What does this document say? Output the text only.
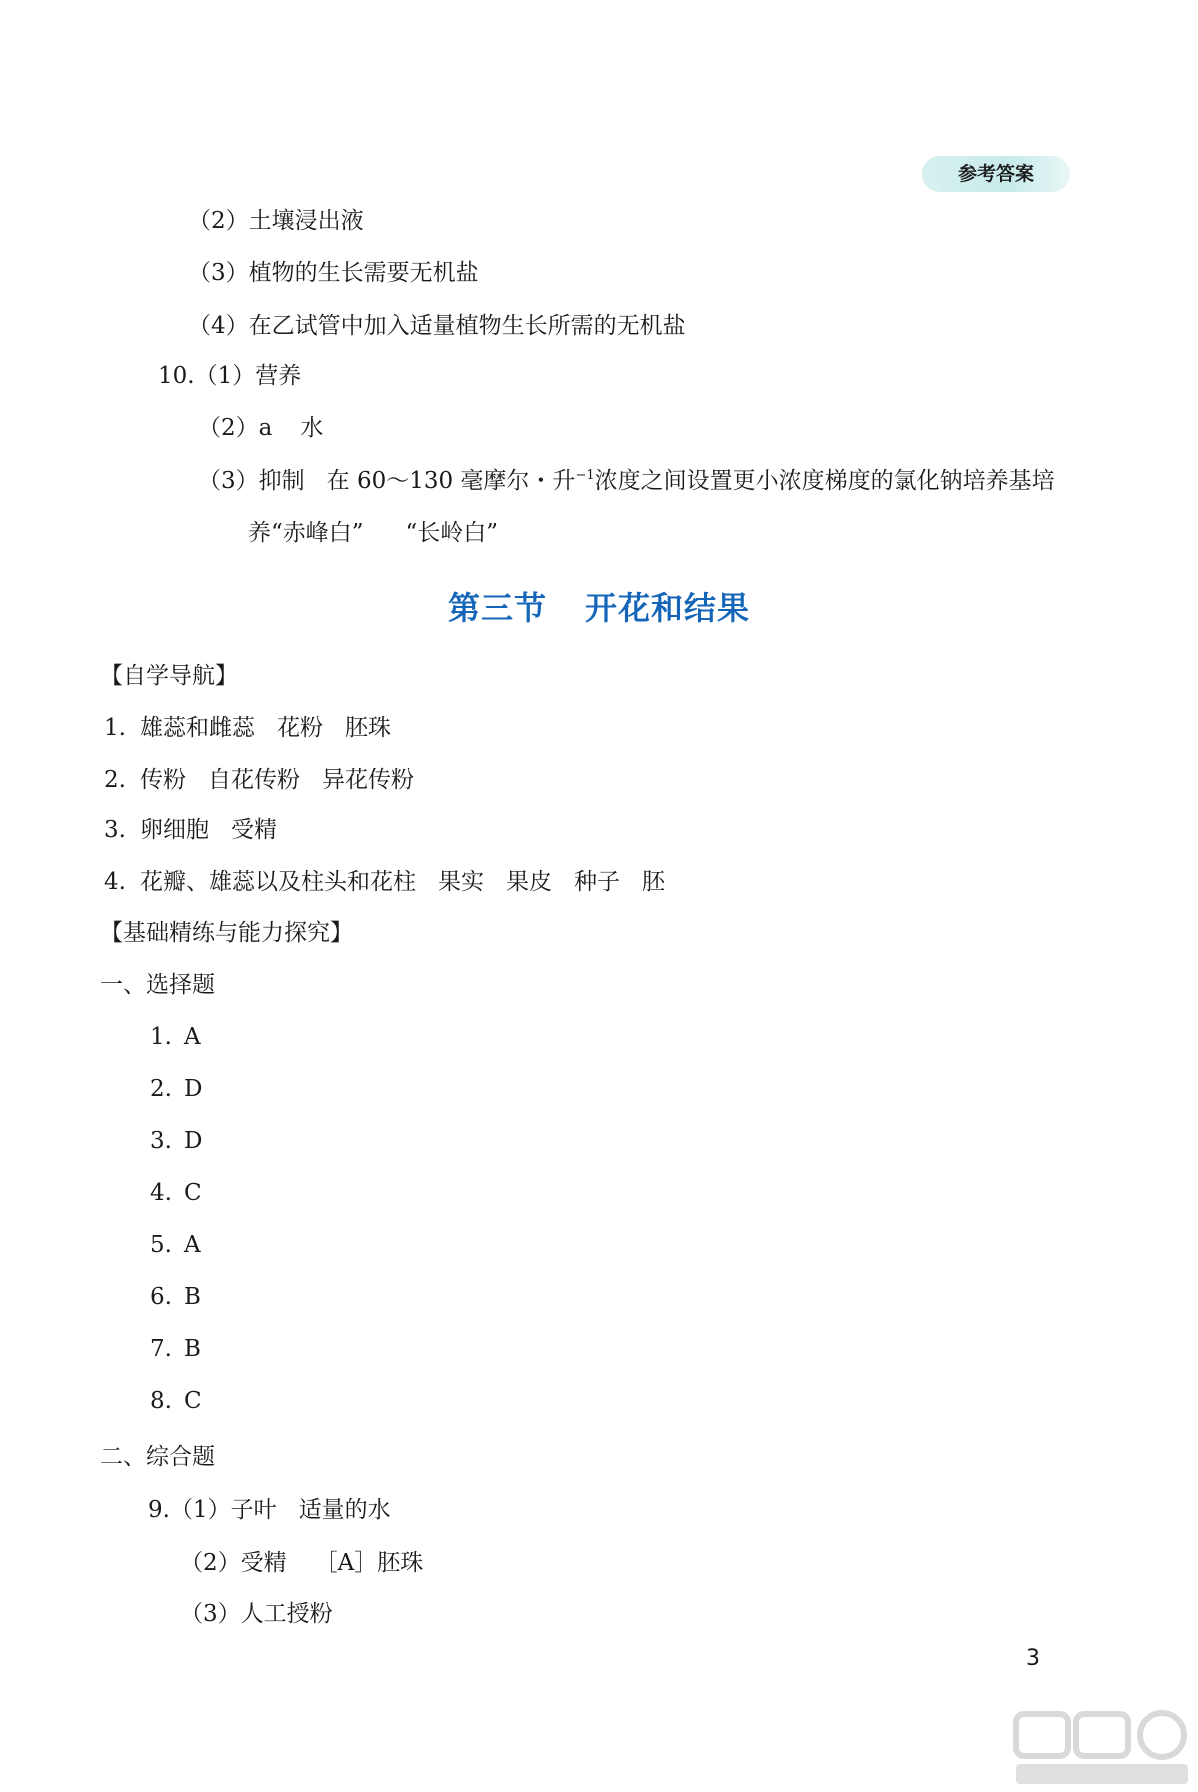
参考答案
（2）土壤浸出液
（3）植物的生长需要无机盐
（4）在乙试管中加入适量植物生长所需的无机盐
10.（1）营养
（2）a 水
（3）抑制 在 60～130 毫摩尔・升$^{-1}$浓度之间设置更小浓度梯度的氯化钠培养基培
养“赤峰白” “长岭白”
第三节 开花和结果
【自学导航】
1. 雄蕊和雌蕊 花粉 胚珠
2. 传粉 自花传粉 异花传粉
3. 卵细胞 受精
4. 花瓣、雄蕊以及柱头和花柱 果实 果皮 种子 胚
【基础精练与能力探究】
一、选择题
1. A
2. D
3. D
4. C
5. A
6. B
7. B
8. C
二、综合题
9.（1）子叶 适量的水
（2）受精 ［A］胚珠
（3）人工授粉
3
